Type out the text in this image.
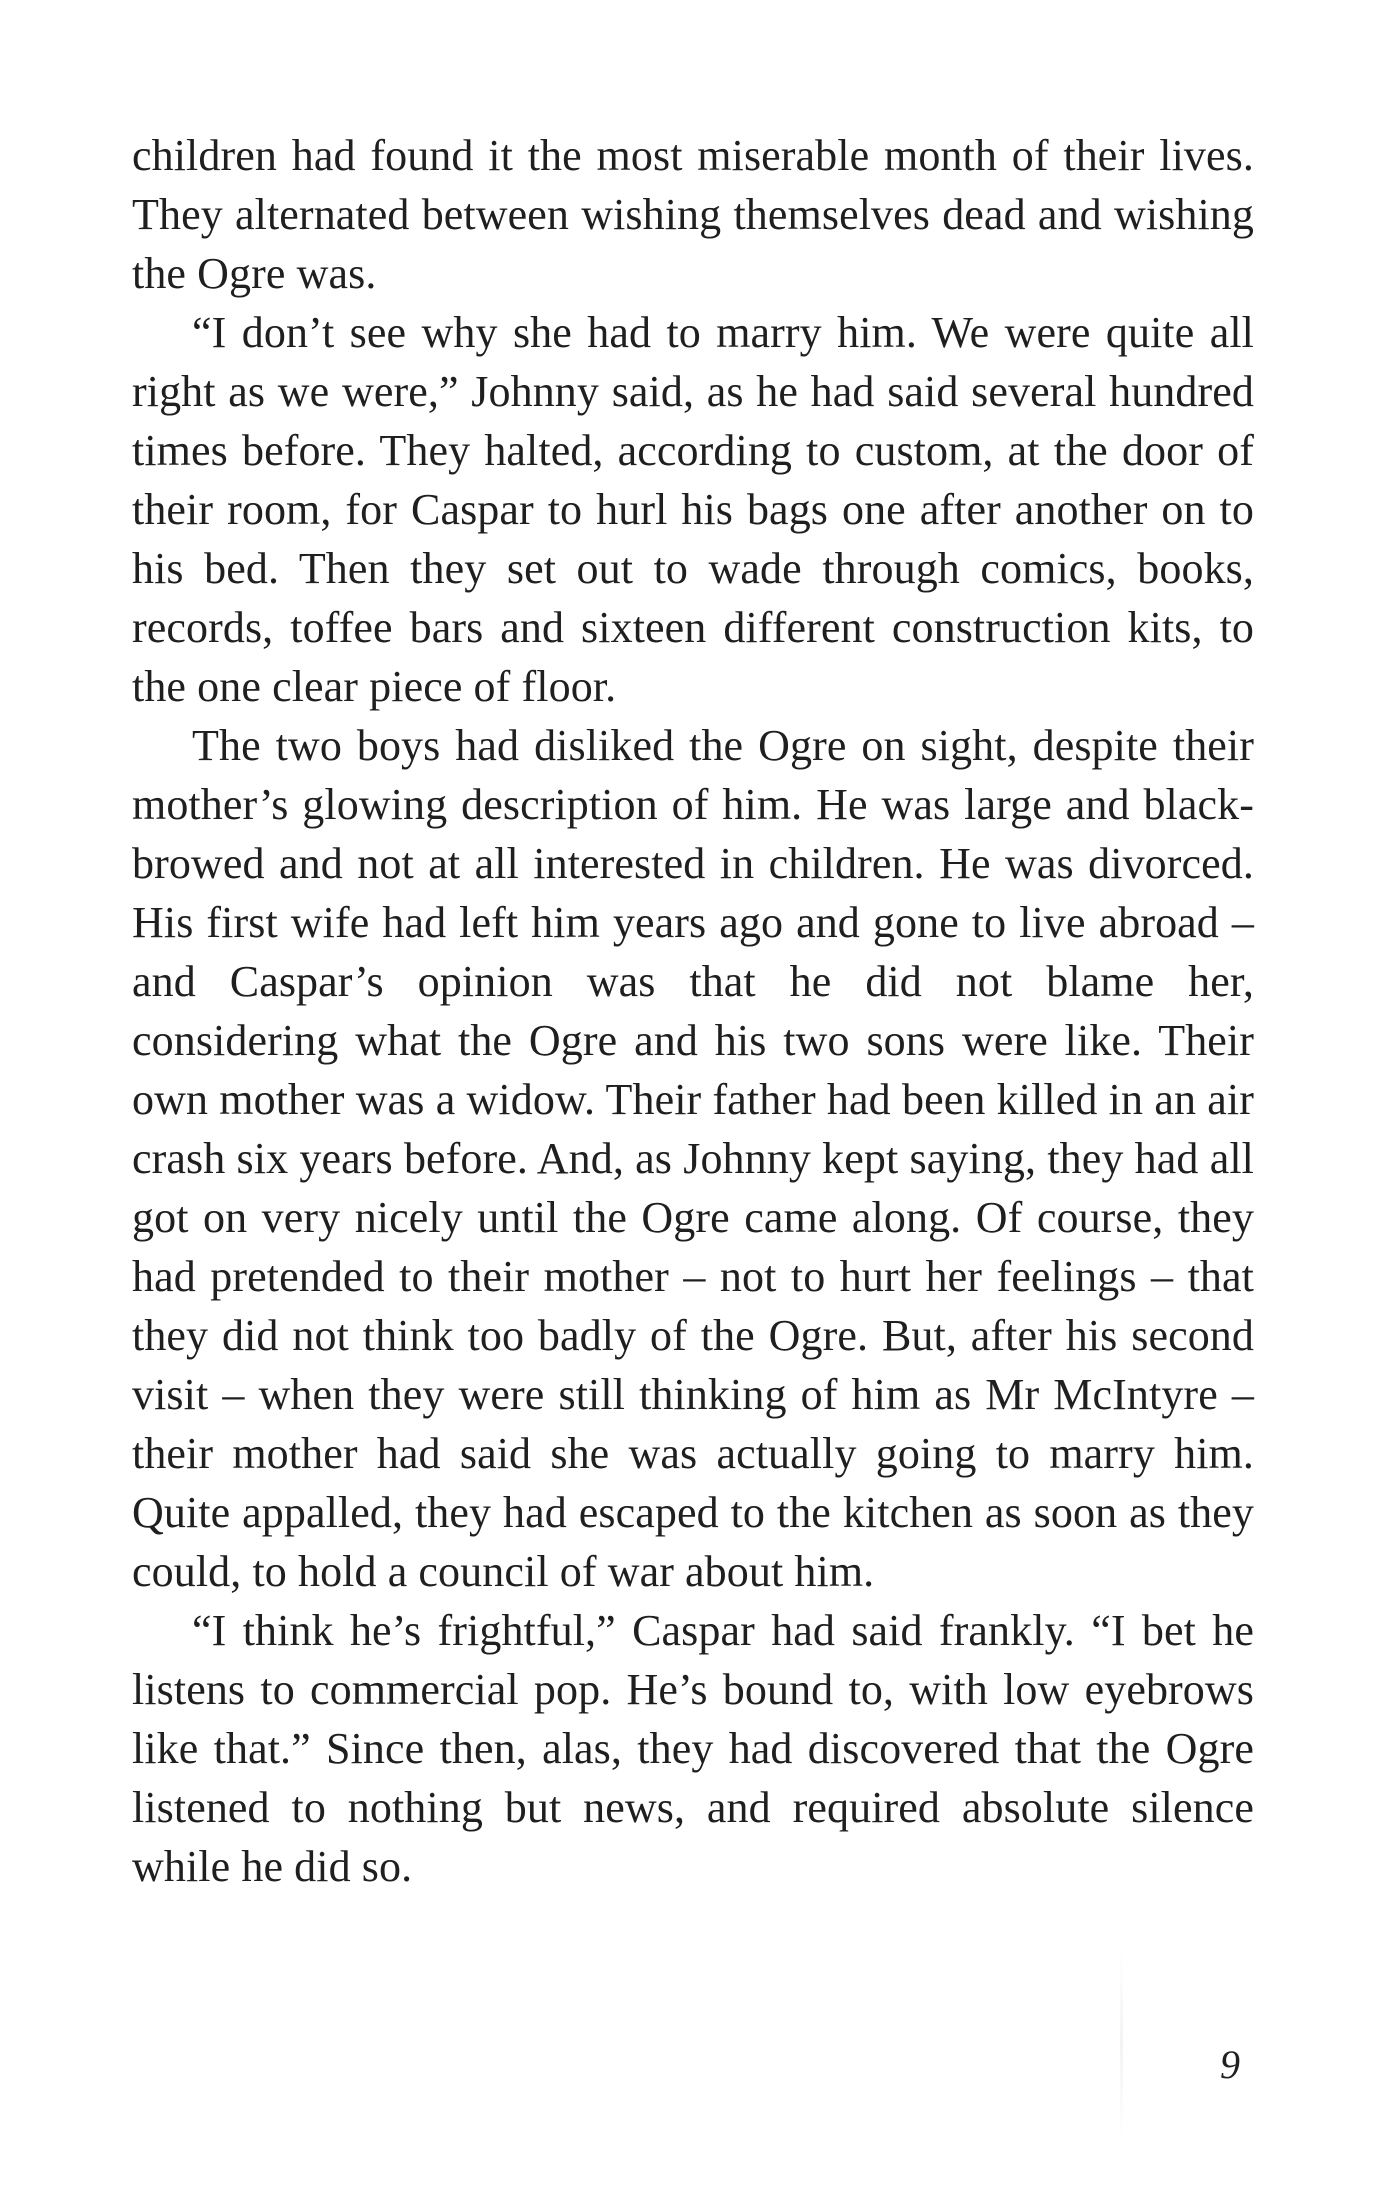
children had found it the most miserable month of their lives. They alternated between wishing themselves dead and wishing the Ogre was.

“I don’t see why she had to marry him. We were quite all right as we were,” Johnny said, as he had said several hundred times before. They halted, according to custom, at the door of their room, for Caspar to hurl his bags one after another on to his bed. Then they set out to wade through comics, books, records, toffee bars and sixteen different construction kits, to the one clear piece of floor.

The two boys had disliked the Ogre on sight, despite their mother’s glowing description of him. He was large and black-browed and not at all interested in children. He was divorced. His first wife had left him years ago and gone to live abroad – and Caspar’s opinion was that he did not blame her, considering what the Ogre and his two sons were like. Their own mother was a widow. Their father had been killed in an air crash six years before. And, as Johnny kept saying, they had all got on very nicely until the Ogre came along. Of course, they had pretended to their mother – not to hurt her feelings – that they did not think too badly of the Ogre. But, after his second visit – when they were still thinking of him as Mr McIntyre – their mother had said she was actually going to marry him. Quite appalled, they had escaped to the kitchen as soon as they could, to hold a council of war about him.

“I think he’s frightful,” Caspar had said frankly. “I bet he listens to commercial pop. He’s bound to, with low eyebrows like that.” Since then, alas, they had discovered that the Ogre listened to nothing but news, and required absolute silence while he did so.

9
